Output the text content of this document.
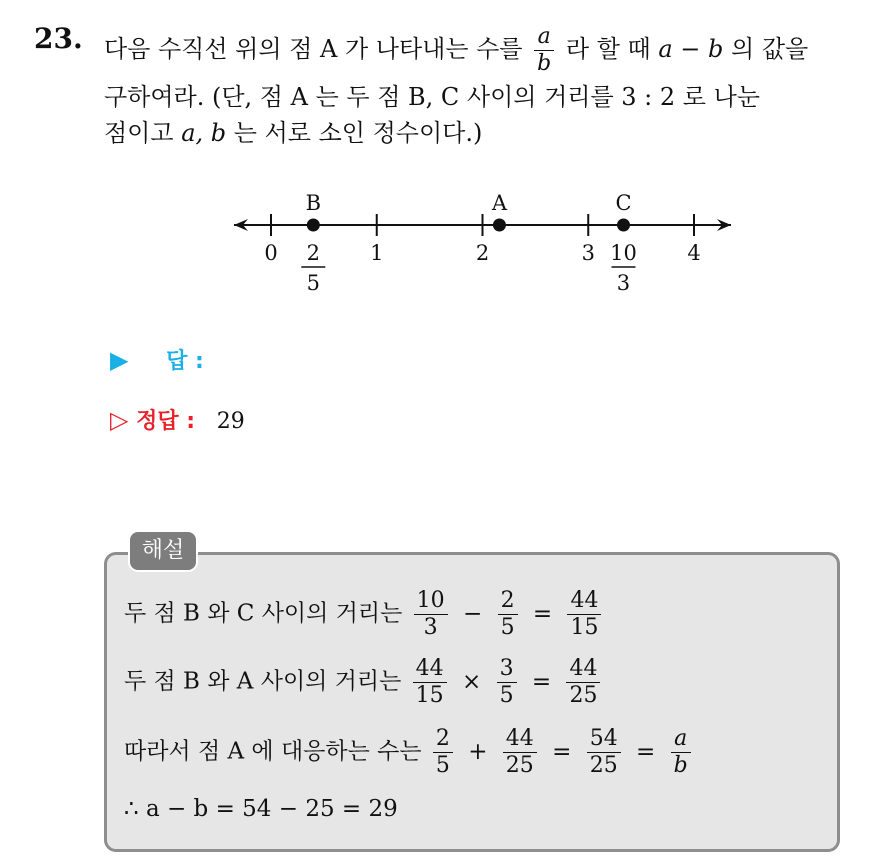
23. 다음 수직선 위의 점 A 가 나타내는 수를 $\frac{a}{b}$ 라 할 때 a − b 의 값을
구하여라. (단, 점 A 는 두 점 B, C 사이의 거리를 3 : 2 로 나눈
점이고 a, b 는 서로 소인 정수이다.)
0	1	2	3	4
B
2
5
A	C
10
3
▶ 답 :
▷ 정답 : 29
해설
두 점 B 와 C 사이의 거리는 $\frac{10}{3} - \frac{2}{5} = \frac{44}{15}$
두 점 B 와 A 사이의 거리는 $\frac{44}{15} \times \frac{3}{5} = \frac{44}{25}$
따라서 점 A 에 대응하는 수는 $\frac{2}{5} + \frac{44}{25} = \frac{54}{25} = \frac{a}{b}$
∴ a − b = 54 − 25 = 29
